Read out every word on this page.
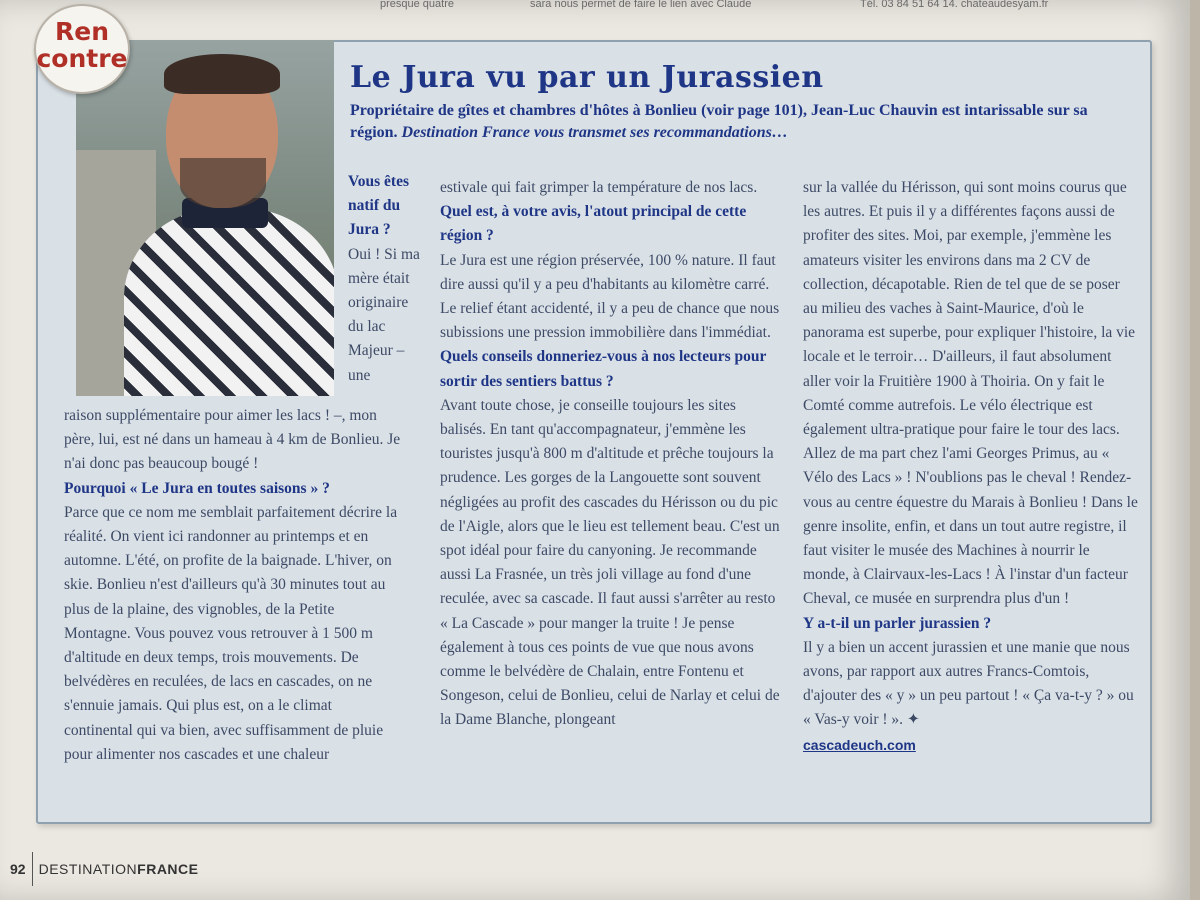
presque quatre	sara nous permet de faire le lien avec Claude	Tél. 03 84 51 64 14. chateaudesyam.fr
Ren
contre
Le Jura vu par un Jurassien
Propriétaire de gîtes et chambres d'hôtes à Bonlieu (voir page 101), Jean-Luc Chauvin est intarissable sur sa région. Destination France vous transmet ses recommandations…

Vous êtes natif du Jura ?

Oui ! Si ma mère était originaire du lac Majeur – une

raison supplémentaire pour aimer les lacs ! –, mon père, lui, est né dans un hameau à 4 km de Bonlieu. Je n'ai donc pas beaucoup bougé !

Pourquoi « Le Jura en toutes saisons » ?

Parce que ce nom me semblait parfaitement décrire la réalité. On vient ici randonner au printemps et en automne. L'été, on profite de la baignade. L'hiver, on skie. Bonlieu n'est d'ailleurs qu'à 30 minutes tout au plus de la plaine, des vignobles, de la Petite Montagne. Vous pouvez vous retrouver à 1 500 m d'altitude en deux temps, trois mouvements. De belvédères en reculées, de lacs en cascades, on ne s'ennuie jamais. Qui plus est, on a le climat continental qui va bien, avec suffisamment de pluie pour alimenter nos cascades et une chaleur

estivale qui fait grimper la température de nos lacs.

Quel est, à votre avis, l'atout principal de cette région ?

Le Jura est une région préservée, 100 % nature. Il faut dire aussi qu'il y a peu d'habitants au kilomètre carré. Le relief étant accidenté, il y a peu de chance que nous subissions une pression immobilière dans l'immédiat.

Quels conseils donneriez-vous à nos lecteurs pour sortir des sentiers battus ?

Avant toute chose, je conseille toujours les sites balisés. En tant qu'accompagnateur, j'emmène les touristes jusqu'à 800 m d'altitude et prêche toujours la prudence. Les gorges de la Langouette sont souvent négligées au profit des cascades du Hérisson ou du pic de l'Aigle, alors que le lieu est tellement beau. C'est un spot idéal pour faire du canyoning. Je recommande aussi La Frasnée, un très joli village au fond d'une reculée, avec sa cascade. Il faut aussi s'arrêter au resto « La Cascade » pour manger la truite ! Je pense également à tous ces points de vue que nous avons comme le belvédère de Chalain, entre Fontenu et Songeson, celui de Bonlieu, celui de Narlay et celui de la Dame Blanche, plongeant

sur la vallée du Hérisson, qui sont moins courus que les autres. Et puis il y a différentes façons aussi de profiter des sites. Moi, par exemple, j'emmène les amateurs visiter les environs dans ma 2 CV de collection, décapotable. Rien de tel que de se poser au milieu des vaches à Saint-Maurice, d'où le panorama est superbe, pour expliquer l'histoire, la vie locale et le terroir… D'ailleurs, il faut absolument aller voir la Fruitière 1900 à Thoiria. On y fait le Comté comme autrefois. Le vélo électrique est également ultra-pratique pour faire le tour des lacs. Allez de ma part chez l'ami Georges Primus, au « Vélo des Lacs » ! N'oublions pas le cheval ! Rendez-vous au centre équestre du Marais à Bonlieu ! Dans le genre insolite, enfin, et dans un tout autre registre, il faut visiter le musée des Machines à nourrir le monde, à Clairvaux-les-Lacs ! À l'instar d'un facteur Cheval, ce musée en surprendra plus d'un !

Y a-t-il un parler jurassien ?

Il y a bien un accent jurassien et une manie que nous avons, par rapport aux autres Francs-Comtois, d'ajouter des « y » un peu partout ! « Ça va-t-y ? » ou « Vas-y voir ! ». ✦

cascadeuch.com

92 DESTINATIONFRANCE
